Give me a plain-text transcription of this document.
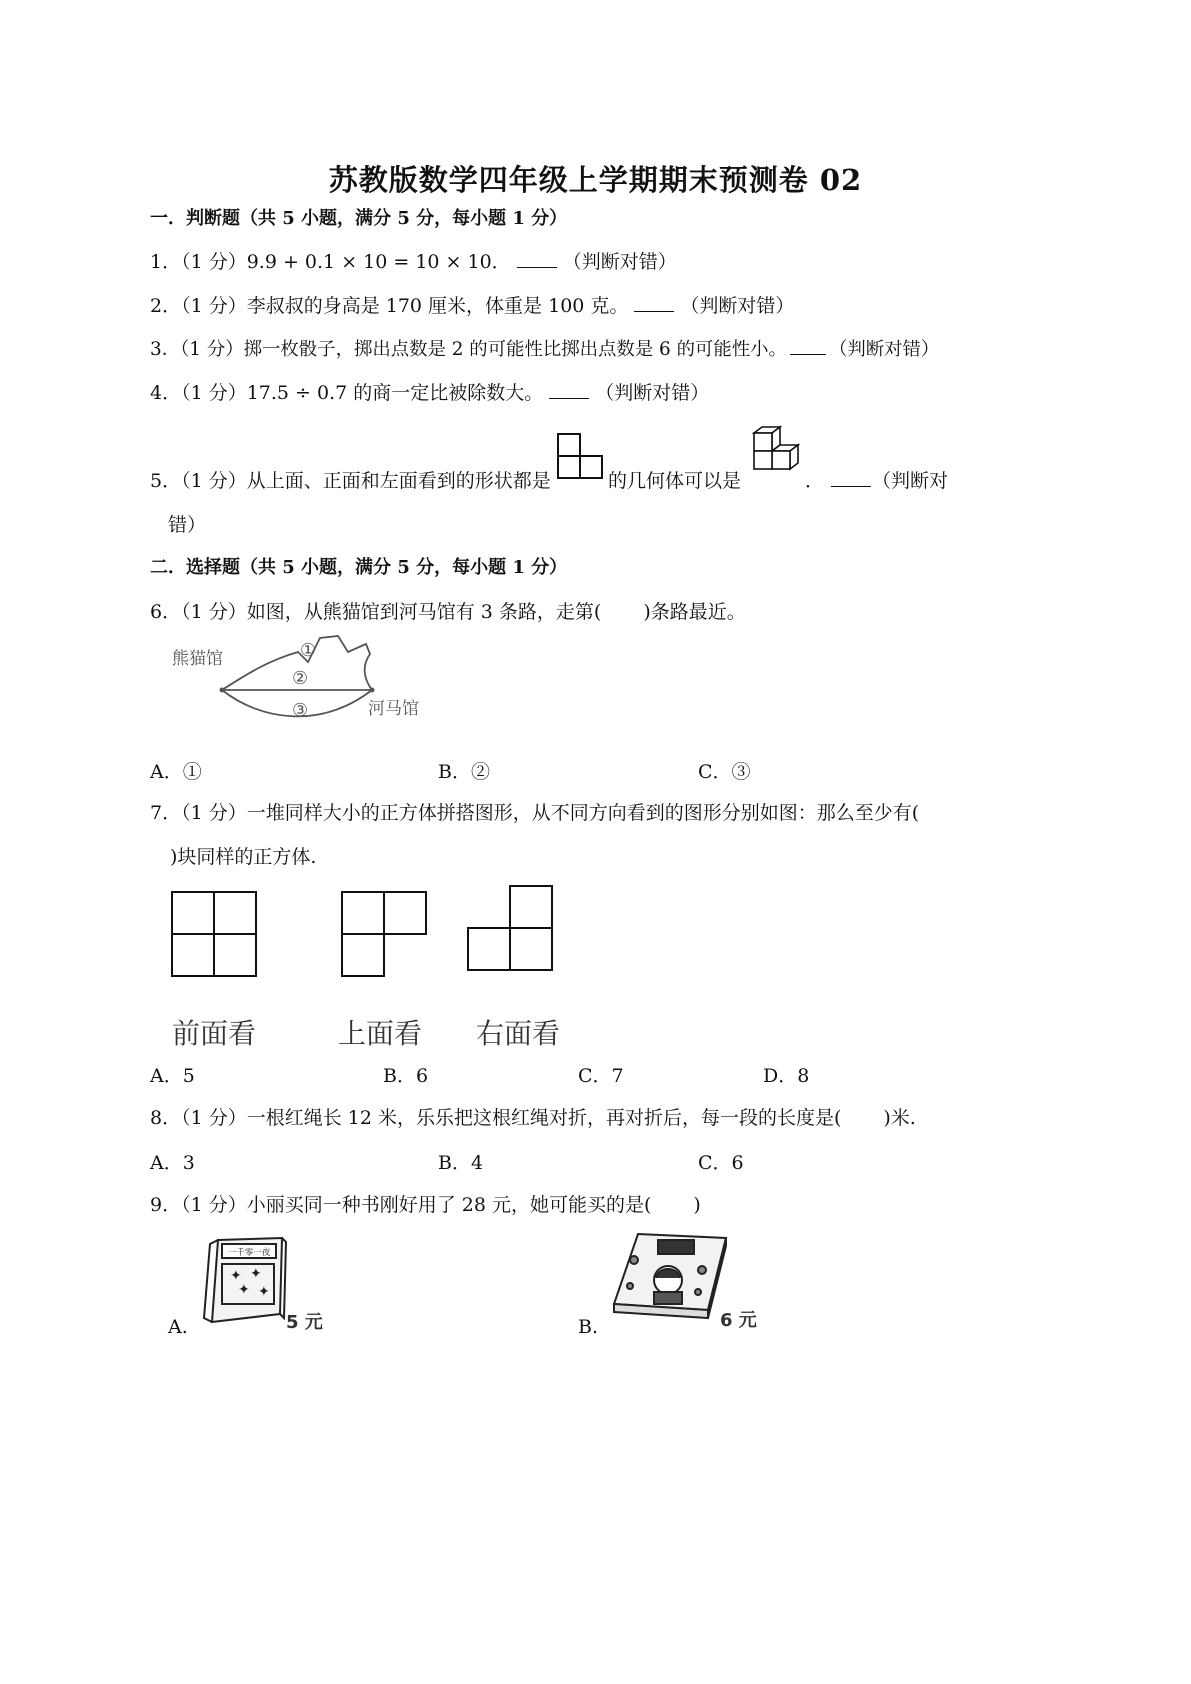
苏教版数学四年级上学期期末预测卷 02
一．判断题（共 5 小题，满分 5 分，每小题 1 分）
1．（1 分）9.9 + 0.1 × 10 = 10 × 10．	（判断对错）
2．（1 分）李叔叔的身高是 170 厘米，体重是 100 克。	（判断对错）
3．（1 分）掷一枚骰子，掷出点数是 2 的可能性比掷出点数是 6 的可能性小。 （判断对错）
4．（1 分）17.5 ÷ 0.7 的商一定比被除数大。	（判断对错）
5．（1 分）从上面、正面和左面看到的形状都是	的几何体可以是	．	（判断对
错）
二．选择题（共 5 小题，满分 5 分，每小题 1 分）
6．（1 分）如图，从熊猫馆到河马馆有 3 条路，走第( )条路最近。
熊猫馆
河马馆
①
②
③
A．①	B．②	C．③
7．（1 分）一堆同样大小的正方体拼搭图形，从不同方向看到的图形分别如图：那么至少有(
)块同样的正方体.
前面看	上面看 右面看
A．5	B．6	C．7	D．8
8．（1 分）一根红绳长 12 米，乐乐把这根红绳对折，再对折后，每一段的长度是( )米.
A．3	B．4	C．6
9．（1 分）小丽买同一种书刚好用了 28 元，她可能买的是( )
A.
一千零一夜
✦ ✦
✦ ✦
5 元	B.	6 元
